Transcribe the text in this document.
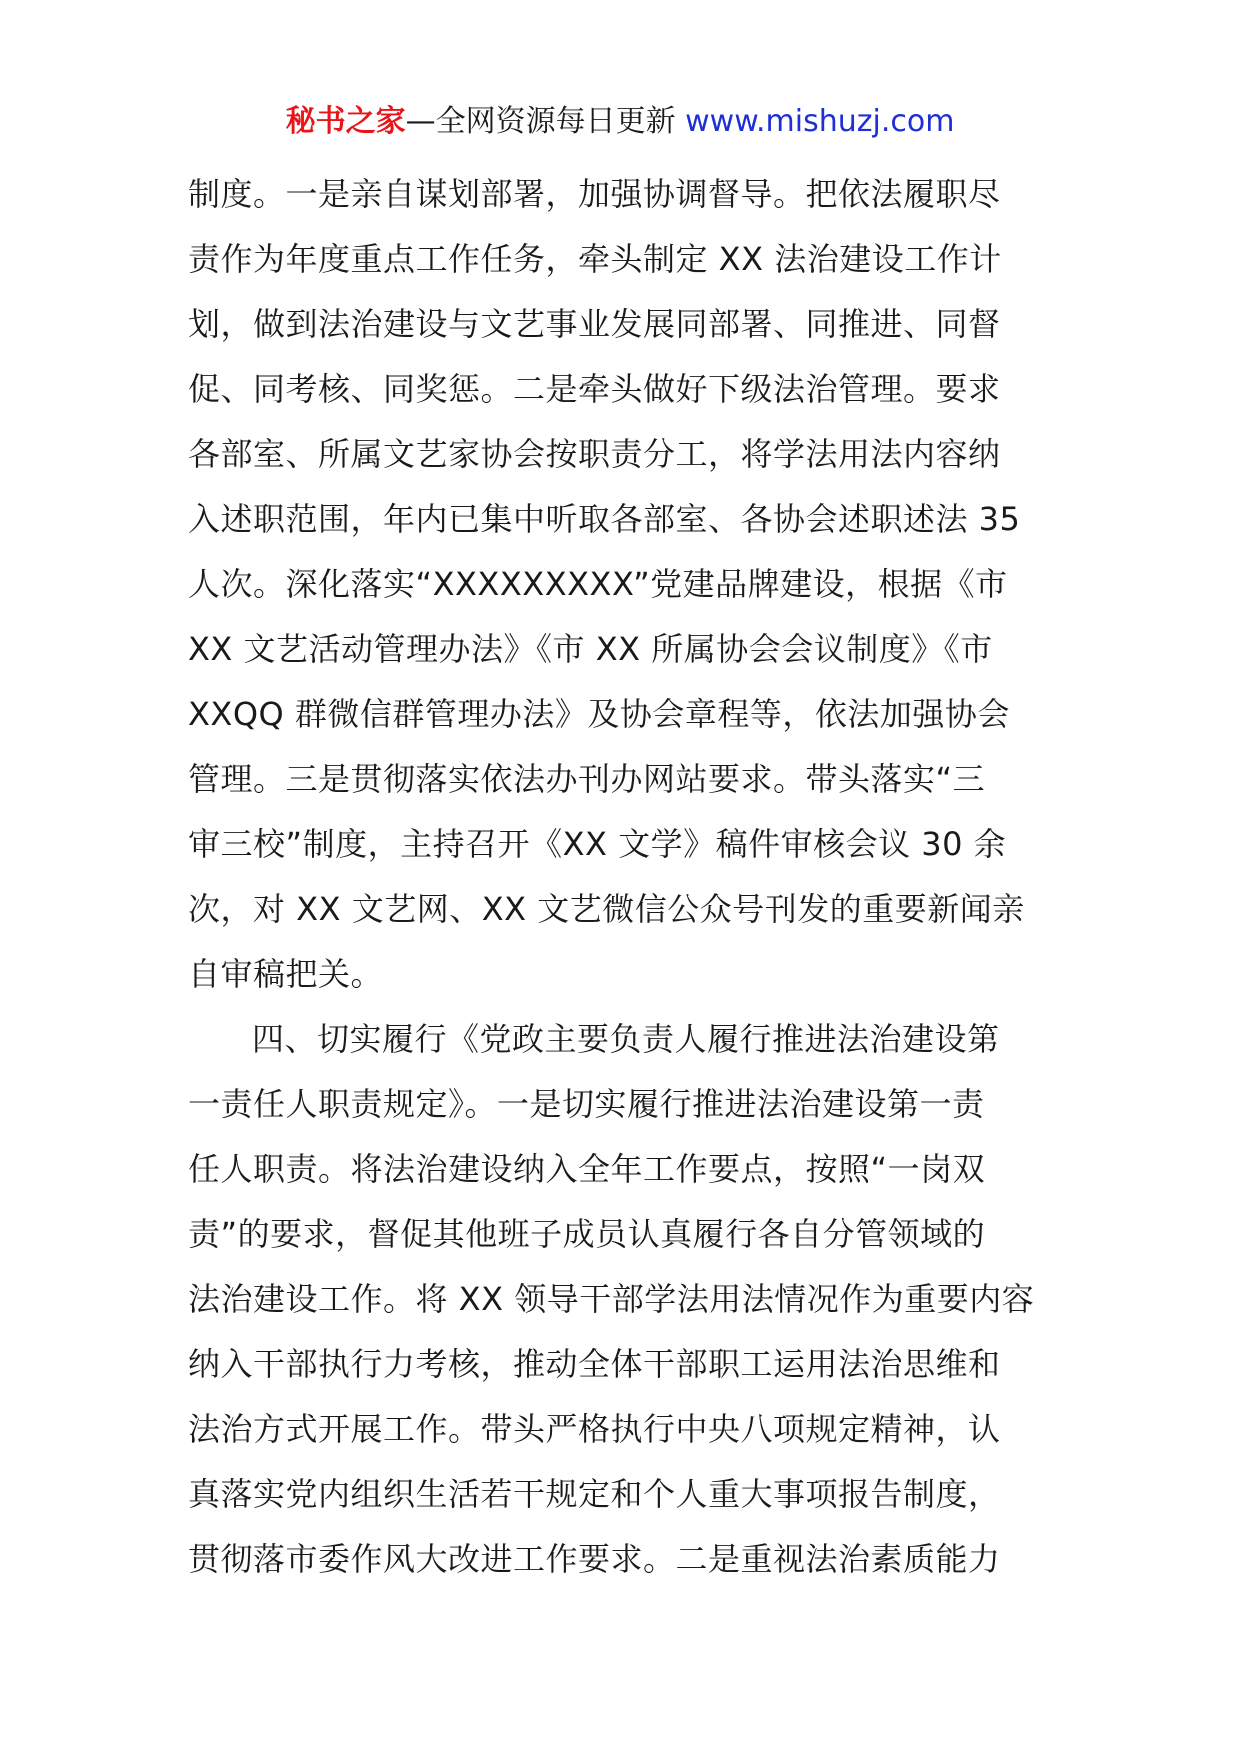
秘书之家—全网资源每日更新 www.mishuzj.com
制度。一是亲自谋划部署，加强协调督导。把依法履职尽
责作为年度重点工作任务，牵头制定 XX 法治建设工作计
划，做到法治建设与文艺事业发展同部署、同推进、同督
促、同考核、同奖惩。二是牵头做好下级法治管理。要求
各部室、所属文艺家协会按职责分工，将学法用法内容纳
入述职范围，年内已集中听取各部室、各协会述职述法 35
人次。深化落实“XXXXXXXXX”党建品牌建设，根据《市
XX 文艺活动管理办法》《市 XX 所属协会会议制度》《市
XXQQ 群微信群管理办法》及协会章程等，依法加强协会
管理。三是贯彻落实依法办刊办网站要求。带头落实“三
审三校”制度，主持召开《XX 文学》稿件审核会议 30 余
次，对 XX 文艺网、XX 文艺微信公众号刊发的重要新闻亲
自审稿把关。
四、切实履行《党政主要负责人履行推进法治建设第
一责任人职责规定》。一是切实履行推进法治建设第一责
任人职责。将法治建设纳入全年工作要点，按照“一岗双
责”的要求，督促其他班子成员认真履行各自分管领域的
法治建设工作。将 XX 领导干部学法用法情况作为重要内容
纳入干部执行力考核，推动全体干部职工运用法治思维和
法治方式开展工作。带头严格执行中央八项规定精神，认
真落实党内组织生活若干规定和个人重大事项报告制度，
贯彻落市委作风大改进工作要求。二是重视法治素质能力
